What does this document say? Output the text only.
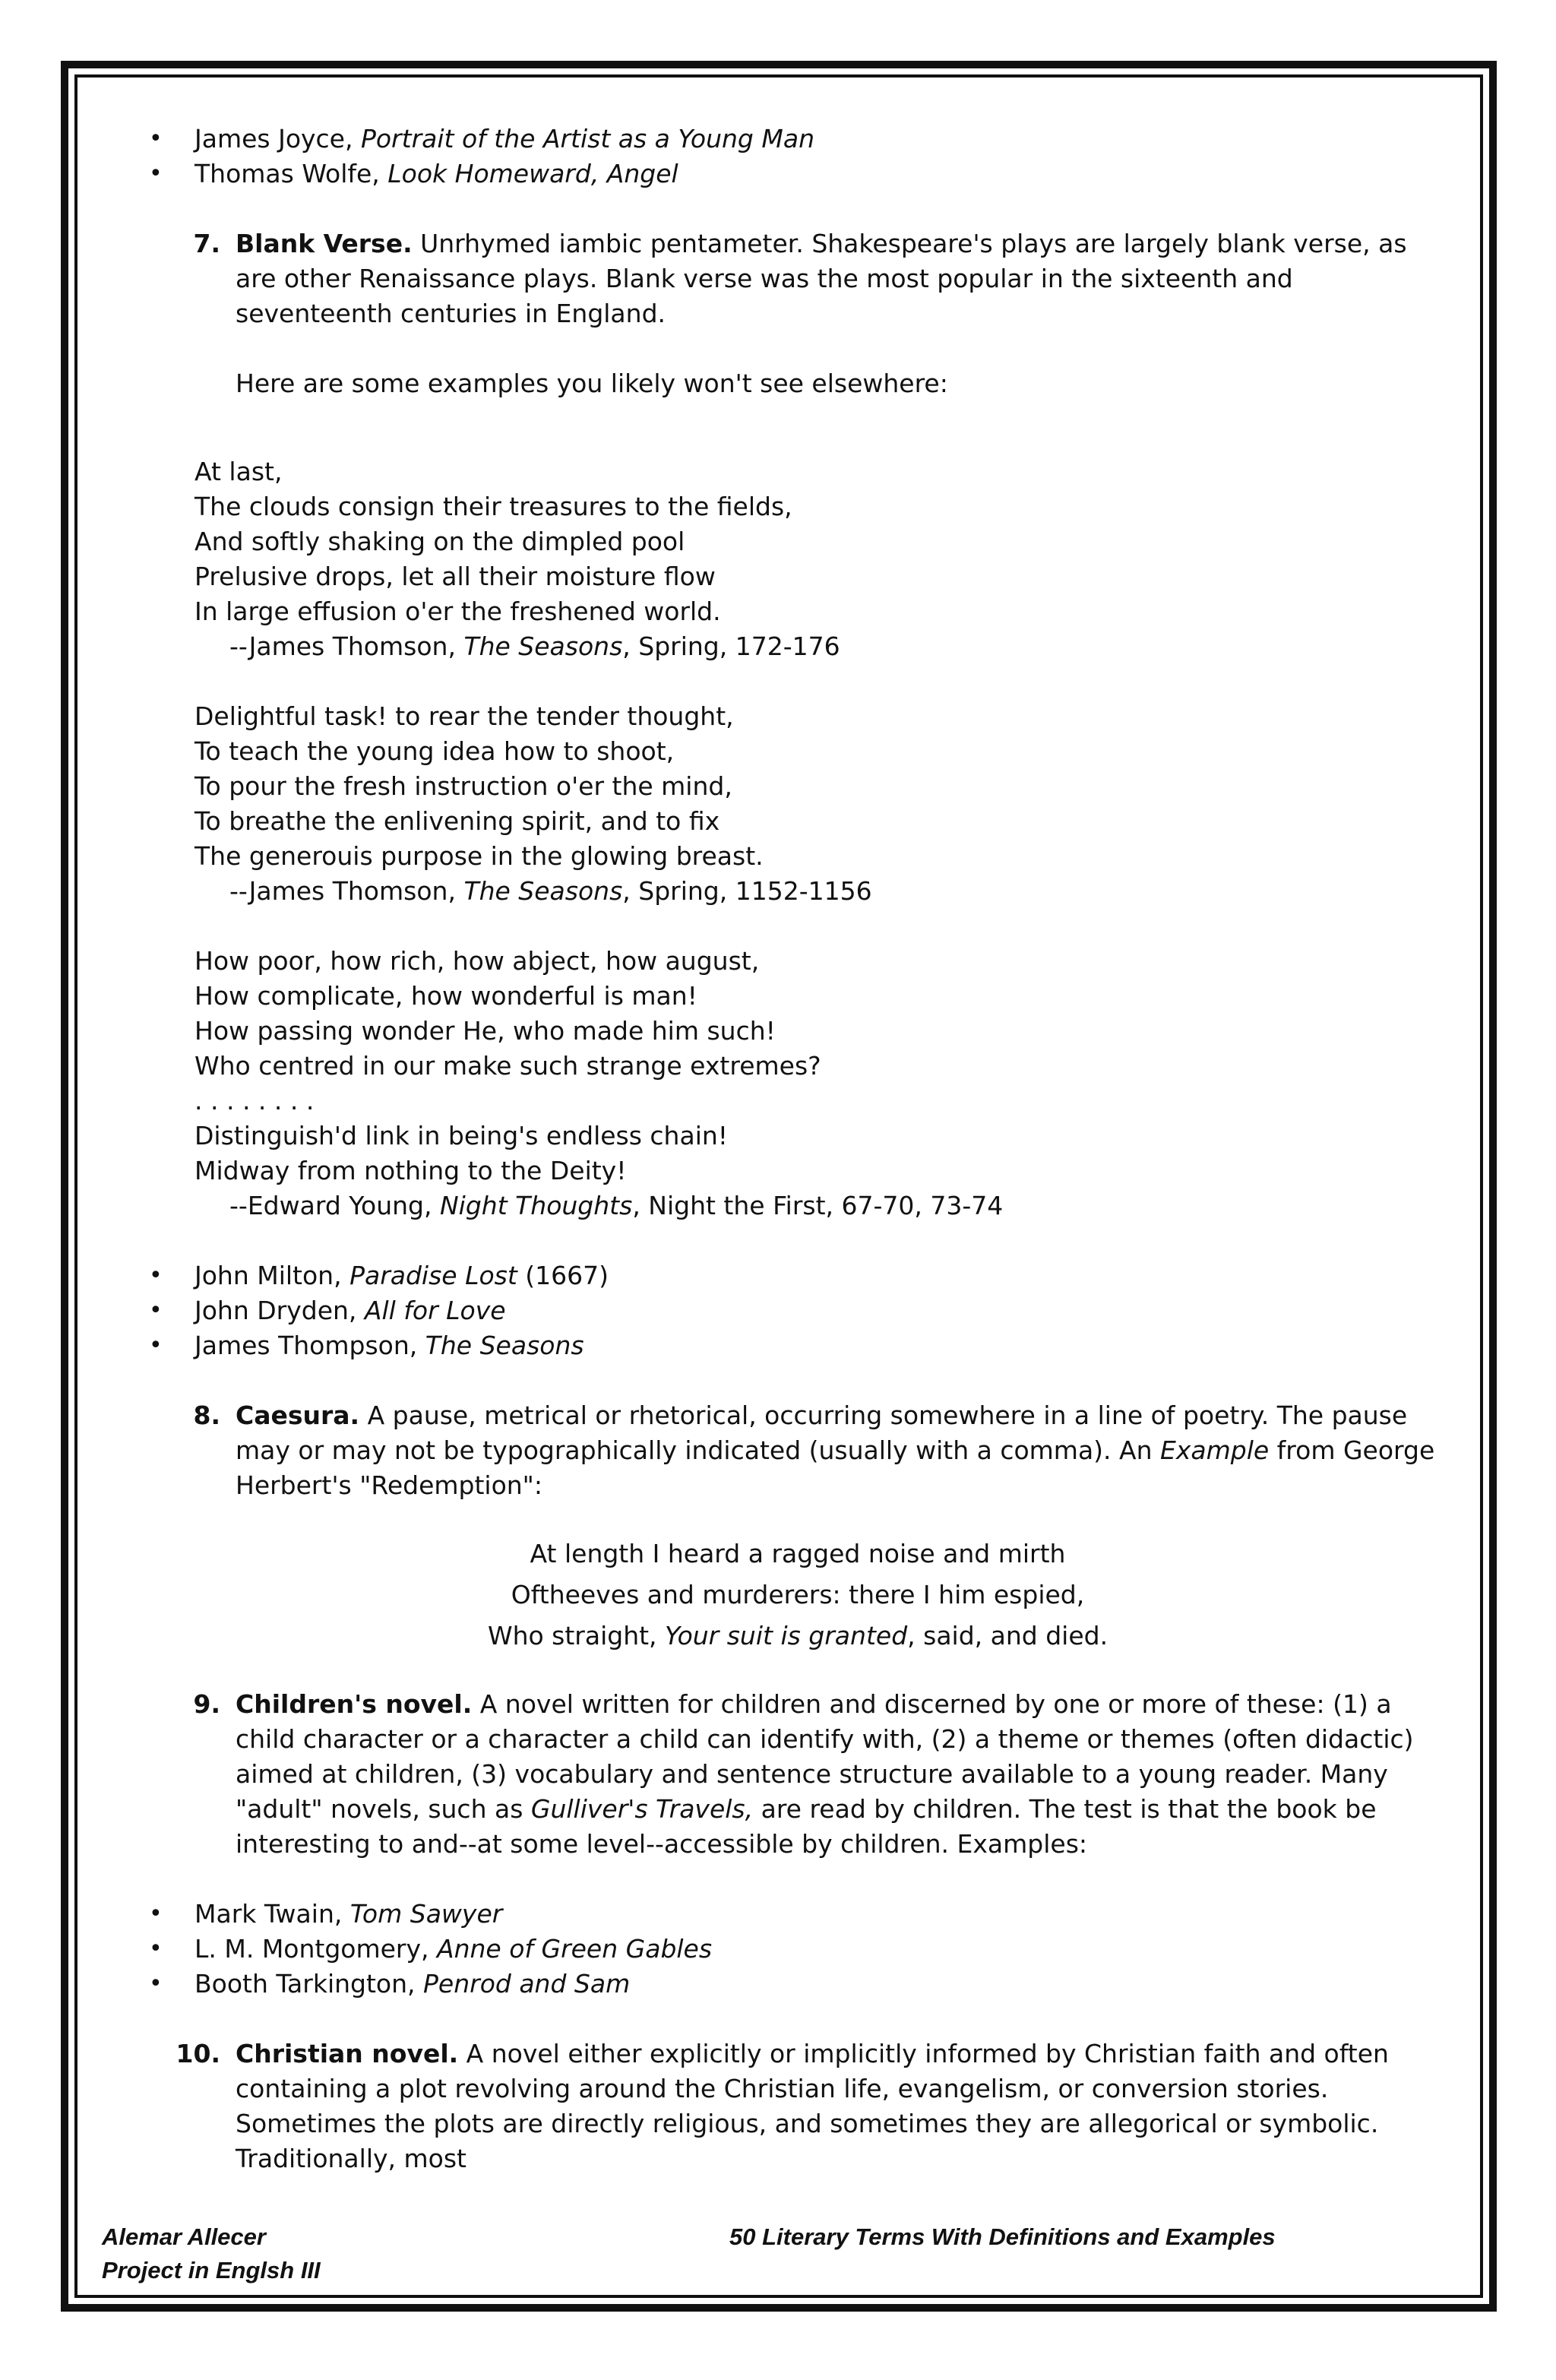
• James Joyce, Portrait of the Artist as a Young Man
• Thomas Wolfe, Look Homeward, Angel
7. Blank Verse. Unrhymed iambic pentameter. Shakespeare's plays are largely blank verse, as are other Renaissance plays. Blank verse was the most popular in the sixteenth and seventeenth centuries in England.
Here are some examples you likely won't see elsewhere:
At last,
The clouds consign their treasures to the fields,
And softly shaking on the dimpled pool
Prelusive drops, let all their moisture flow
In large effusion o'er the freshened world.
--James Thomson, The Seasons, Spring, 172-176
Delightful task! to rear the tender thought,
To teach the young idea how to shoot,
To pour the fresh instruction o'er the mind,
To breathe the enlivening spirit, and to fix
The generouis purpose in the glowing breast.
--James Thomson, The Seasons, Spring, 1152-1156
How poor, how rich, how abject, how august,
How complicate, how wonderful is man!
How passing wonder He, who made him such!
Who centred in our make such strange extremes?
. . . . . . . .
Distinguish'd link in being's endless chain!
Midway from nothing to the Deity!
--Edward Young, Night Thoughts, Night the First, 67-70, 73-74
• John Milton, Paradise Lost (1667)
• John Dryden, All for Love
• James Thompson, The Seasons
8. Caesura. A pause, metrical or rhetorical, occurring somewhere in a line of poetry. The pause may or may not be typographically indicated (usually with a comma). An Example from George Herbert's "Redemption":
At length I heard a ragged noise and mirth
Oftheeves and murderers: there I him espied,
Who straight, Your suit is granted, said, and died.
9. Children's novel. A novel written for children and discerned by one or more of these: (1) a child character or a character a child can identify with, (2) a theme or themes (often didactic) aimed at children, (3) vocabulary and sentence structure available to a young reader. Many "adult" novels, such as Gulliver's Travels, are read by children. The test is that the book be interesting to and--at some level--accessible by children. Examples:
• Mark Twain, Tom Sawyer
• L. M. Montgomery, Anne of Green Gables
• Booth Tarkington, Penrod and Sam
10. Christian novel. A novel either explicitly or implicitly informed by Christian faith and often containing a plot revolving around the Christian life, evangelism, or conversion stories. Sometimes the plots are directly religious, and sometimes they are allegorical or symbolic. Traditionally, most
Alemar Allecer
Project in Englsh III
50 Literary Terms With Definitions and Examples
